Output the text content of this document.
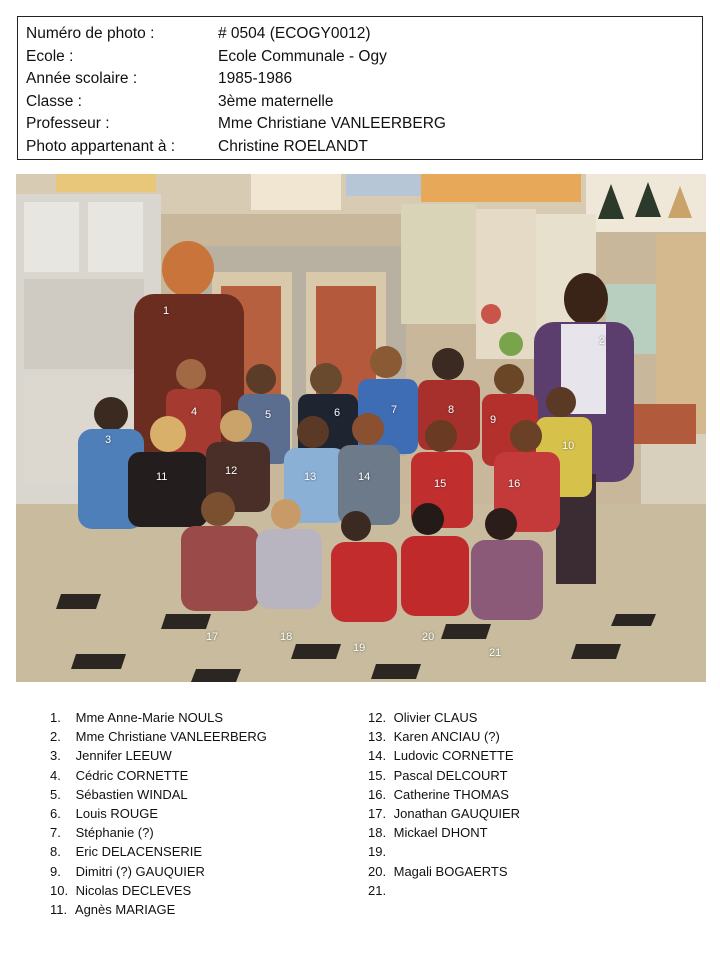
Numéro de photo :	# 0504 (ECOGY0012)
Ecole :	Ecole Communale - Ogy
Année scolaire :	1985-1986
Classe :	3ème maternelle
Professeur :	Mme Christiane VANLEERBERG
Photo appartenant à :	Christine ROELANDT
1
2
3
4	5	6	7	8
9
10
11	12	13	14
15	16
17	18
19
20
21
1. Mme Anne-Marie NOULS
2. Mme Christiane VANLEERBERG
3. Jennifer LEEUW
4. Cédric CORNETTE
5. Sébastien WINDAL
6. Louis ROUGE
7. Stéphanie (?)
8. Eric DELACENSERIE
9. Dimitri (?) GAUQUIER
10. Nicolas DECLEVES
11. Agnès MARIAGE
12. Olivier CLAUS
13. Karen ANCIAU (?)
14. Ludovic CORNETTE
15. Pascal DELCOURT
16. Catherine THOMAS
17. Jonathan GAUQUIER
18. Mickael DHONT
19.
20. Magali BOGAERTS
21.
